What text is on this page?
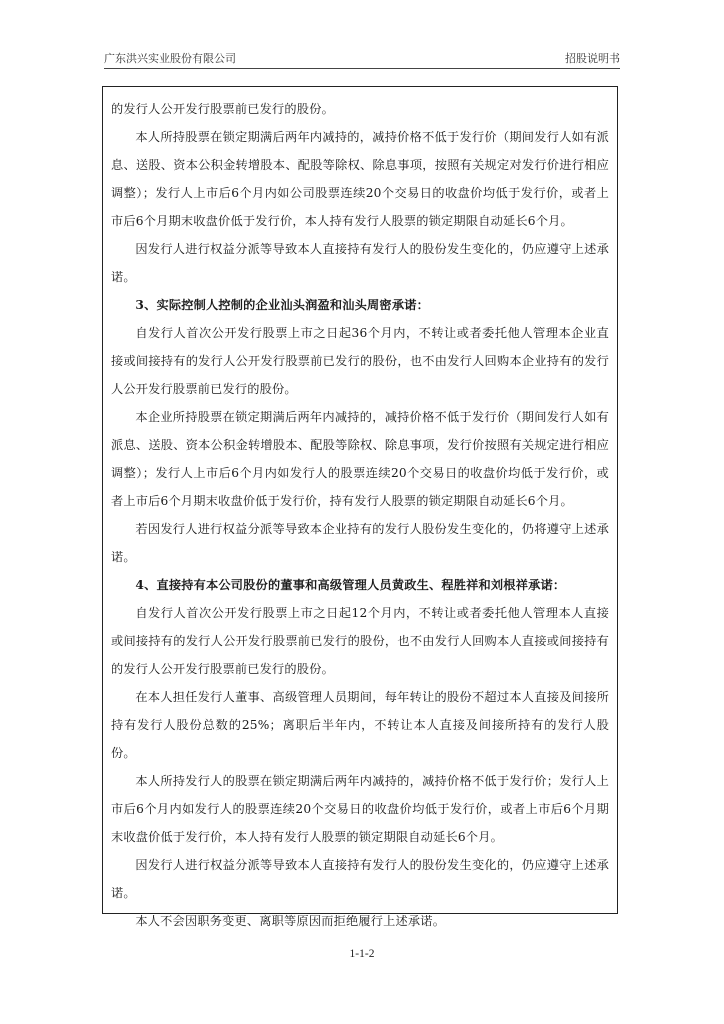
广东洪兴实业股份有限公司	招股说明书

的发行人公开发行股票前已发行的股份。

本人所持股票在锁定期满后两年内减持的，减持价格不低于发行价（期间发行人如有派息、送股、资本公积金转增股本、配股等除权、除息事项，按照有关规定对发行价进行相应调整）；发行人上市后6个月内如公司股票连续20个交易日的收盘价均低于发行价，或者上市后6个月期末收盘价低于发行价，本人持有发行人股票的锁定期限自动延长6个月。

因发行人进行权益分派等导致本人直接持有发行人的股份发生变化的，仍应遵守上述承诺。

3、实际控制人控制的企业汕头润盈和汕头周密承诺：

自发行人首次公开发行股票上市之日起36个月内，不转让或者委托他人管理本企业直接或间接持有的发行人公开发行股票前已发行的股份，也不由发行人回购本企业持有的发行人公开发行股票前已发行的股份。

本企业所持股票在锁定期满后两年内减持的，减持价格不低于发行价（期间发行人如有派息、送股、资本公积金转增股本、配股等除权、除息事项，发行价按照有关规定进行相应调整）；发行人上市后6个月内如发行人的股票连续20个交易日的收盘价均低于发行价，或者上市后6个月期末收盘价低于发行价，持有发行人股票的锁定期限自动延长6个月。

若因发行人进行权益分派等导致本企业持有的发行人股份发生变化的，仍将遵守上述承诺。

4、直接持有本公司股份的董事和高级管理人员黄政生、程胜祥和刘根祥承诺：

自发行人首次公开发行股票上市之日起12个月内，不转让或者委托他人管理本人直接或间接持有的发行人公开发行股票前已发行的股份，也不由发行人回购本人直接或间接持有的发行人公开发行股票前已发行的股份。

在本人担任发行人董事、高级管理人员期间，每年转让的股份不超过本人直接及间接所持有发行人股份总数的25%；离职后半年内，不转让本人直接及间接所持有的发行人股份。

本人所持发行人的股票在锁定期满后两年内减持的，减持价格不低于发行价；发行人上市后6个月内如发行人的股票连续20个交易日的收盘价均低于发行价，或者上市后6个月期末收盘价低于发行价，本人持有发行人股票的锁定期限自动延长6个月。

因发行人进行权益分派等导致本人直接持有发行人的股份发生变化的，仍应遵守上述承诺。

本人不会因职务变更、离职等原因而拒绝履行上述承诺。

1-1-2
